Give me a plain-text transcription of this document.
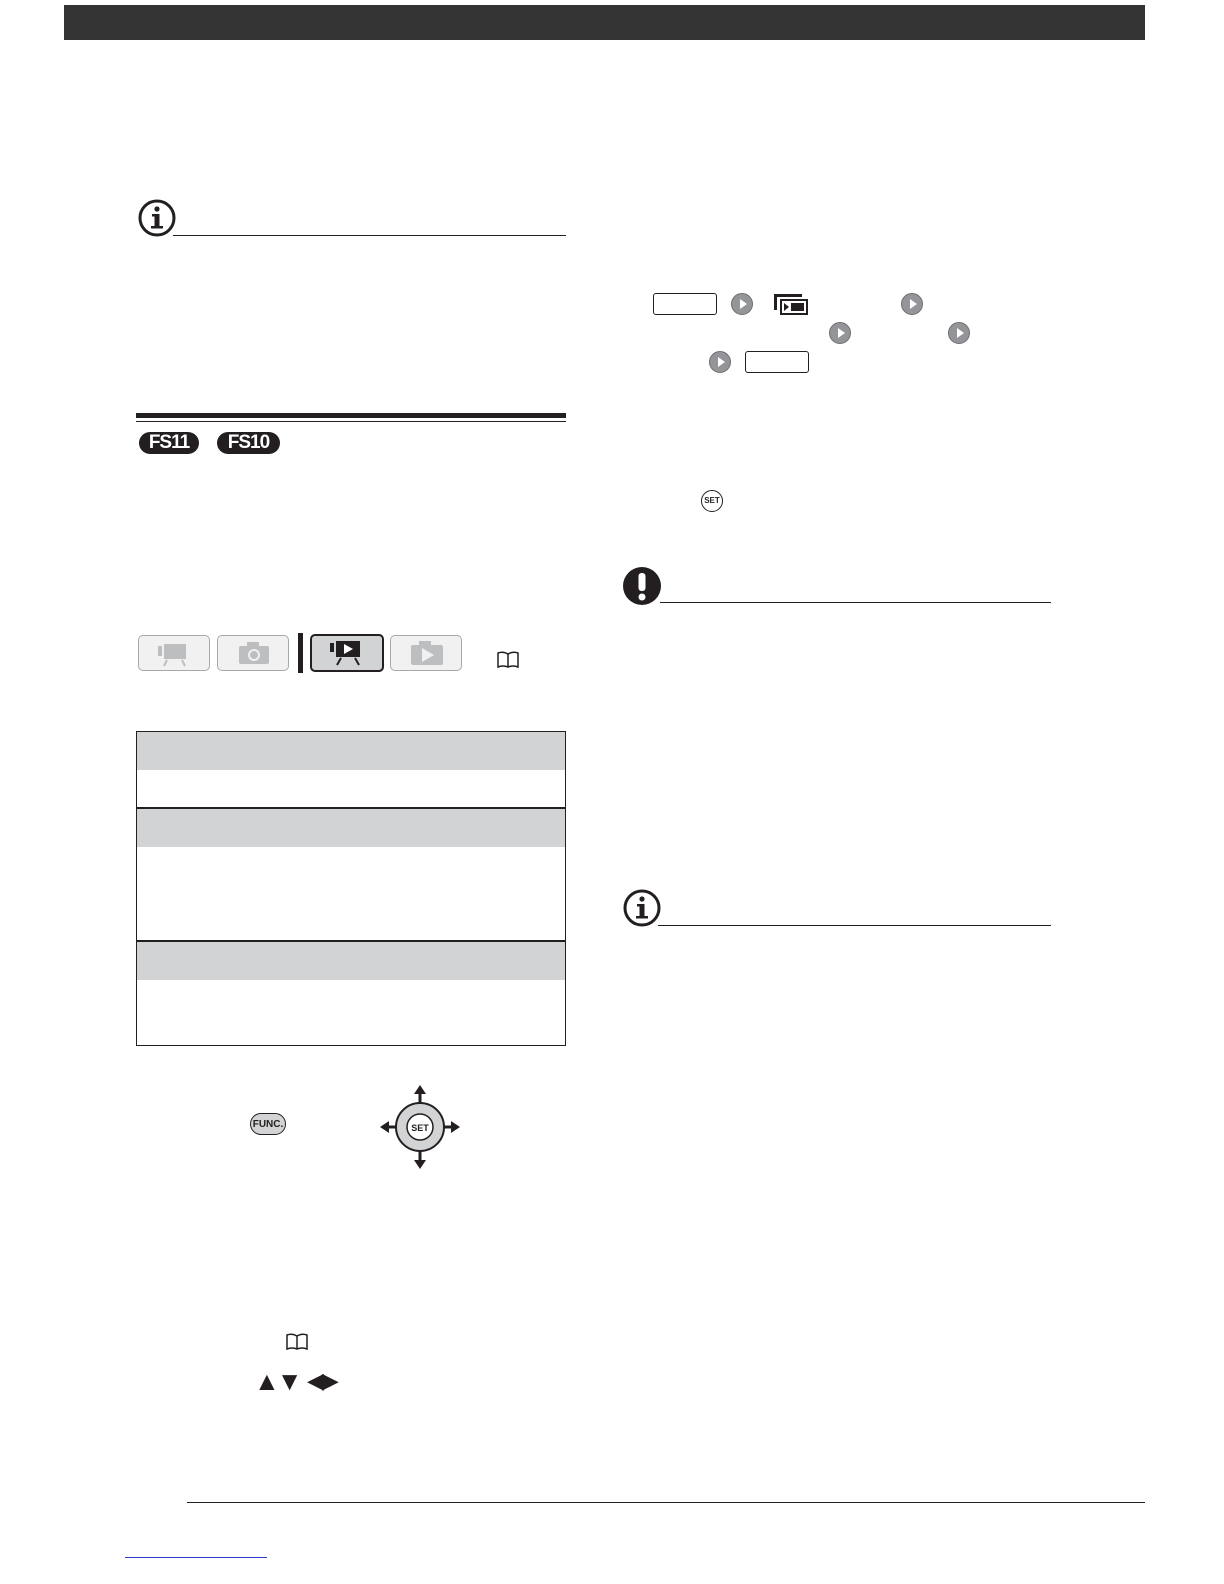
FS11	FS10
FUNC.	SET
▲▼ ◀▶
SET
